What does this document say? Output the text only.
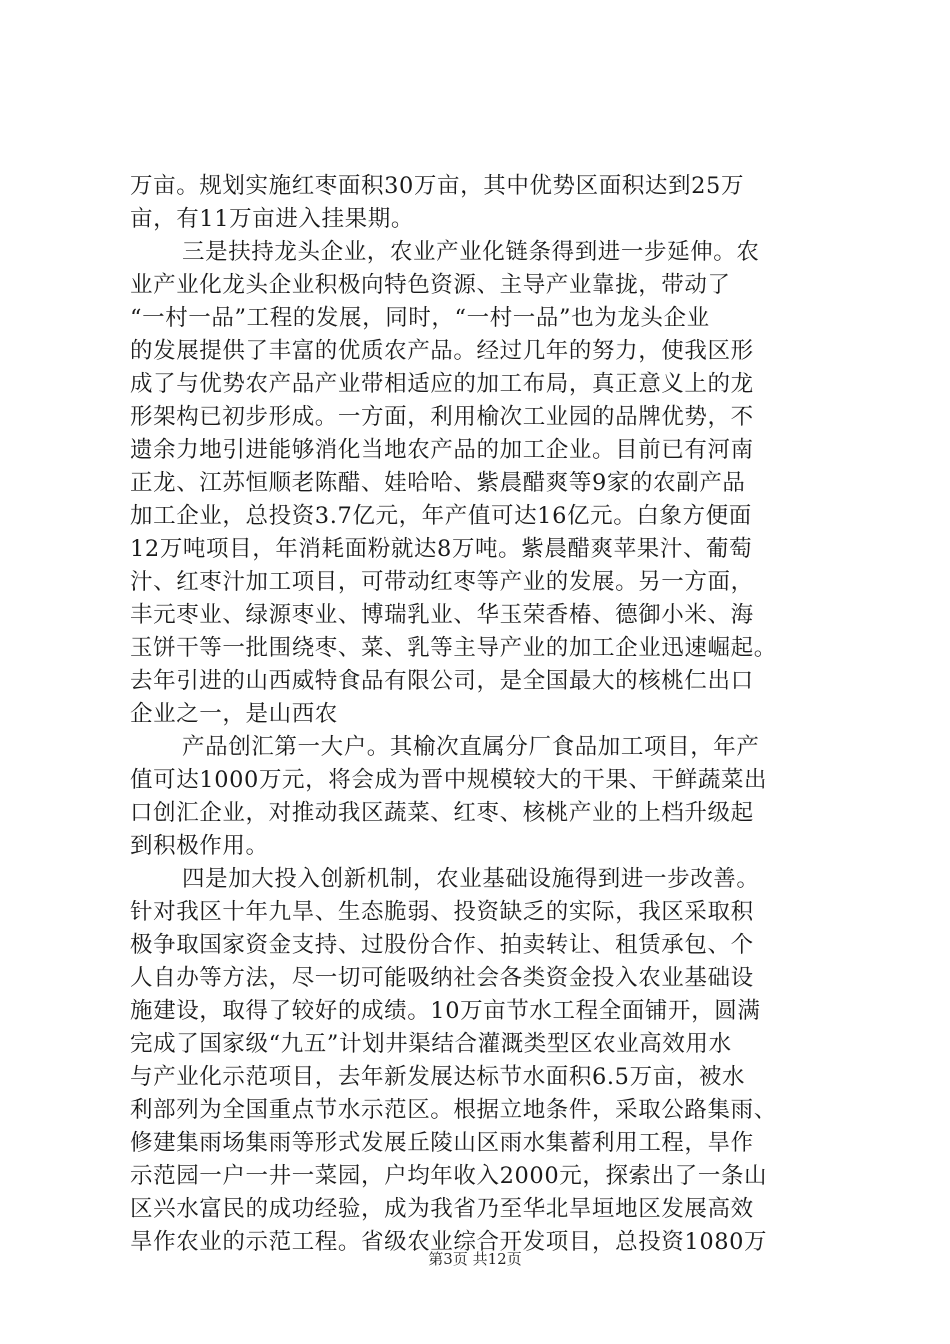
万亩。规划实施红枣面积30万亩，其中优势区面积达到25万
亩，有11万亩进入挂果期。
三是扶持龙头企业，农业产业化链条得到进一步延伸。农
业产业化龙头企业积极向特色资源、主导产业靠拢，带动了
“一村一品”工程的发展，同时，“一村一品”也为龙头企业
的发展提供了丰富的优质农产品。经过几年的努力，使我区形
成了与优势农产品产业带相适应的加工布局，真正意义上的龙
形架构已初步形成。一方面，利用榆次工业园的品牌优势，不
遗余力地引进能够消化当地农产品的加工企业。目前已有河南
正龙、江苏恒顺老陈醋、娃哈哈、紫晨醋爽等9家的农副产品
加工企业，总投资3.7亿元，年产值可达16亿元。白象方便面
12万吨项目，年消耗面粉就达8万吨。紫晨醋爽苹果汁、葡萄
汁、红枣汁加工项目，可带动红枣等产业的发展。另一方面，
丰元枣业、绿源枣业、博瑞乳业、华玉荣香椿、德御小米、海
玉饼干等一批围绕枣、菜、乳等主导产业的加工企业迅速崛起。
去年引进的山西威特食品有限公司，是全国最大的核桃仁出口
企业之一，是山西农
产品创汇第一大户。其榆次直属分厂食品加工项目，年产
值可达1000万元，将会成为晋中规模较大的干果、干鲜蔬菜出
口创汇企业，对推动我区蔬菜、红枣、核桃产业的上档升级起
到积极作用。
四是加大投入创新机制，农业基础设施得到进一步改善。
针对我区十年九旱、生态脆弱、投资缺乏的实际，我区采取积
极争取国家资金支持、过股份合作、拍卖转让、租赁承包、个
人自办等方法，尽一切可能吸纳社会各类资金投入农业基础设
施建设，取得了较好的成绩。10万亩节水工程全面铺开，圆满
完成了国家级“九五”计划井渠结合灌溉类型区农业高效用水
与产业化示范项目，去年新发展达标节水面积6.5万亩，被水
利部列为全国重点节水示范区。根据立地条件，采取公路集雨、
修建集雨场集雨等形式发展丘陵山区雨水集蓄利用工程，旱作
示范园一户一井一菜园，户均年收入2000元，探索出了一条山
区兴水富民的成功经验，成为我省乃至华北旱垣地区发展高效
旱作农业的示范工程。省级农业综合开发项目，总投资1080万
第3页 共12页
